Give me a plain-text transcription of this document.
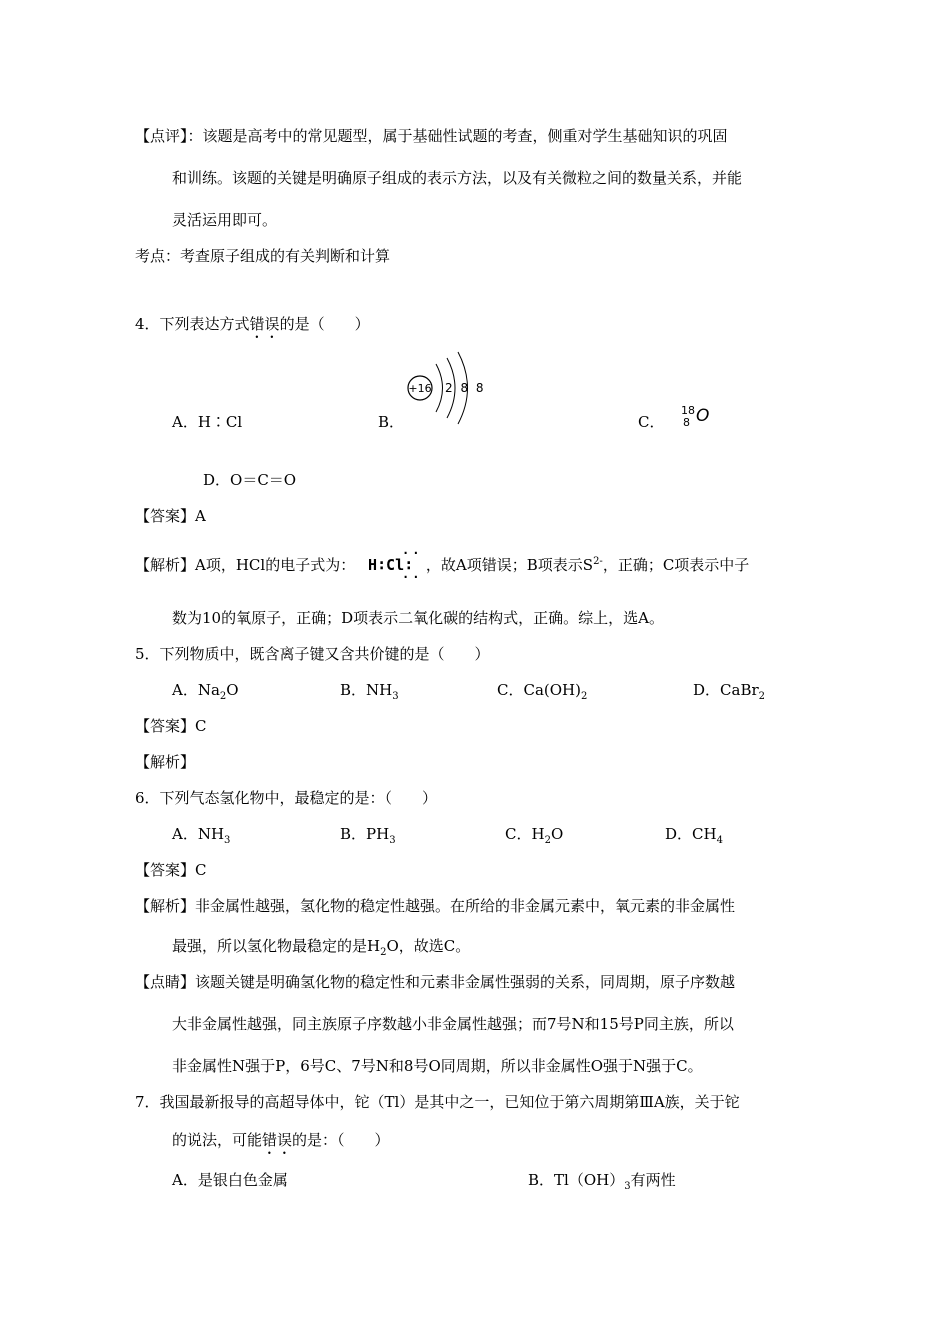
【点评】：该题是高考中的常见题型，属于基础性试题的考查，侧重对学生基础知识的巩固
和训练。该题的关键是明确原子组成的表示方法，以及有关微粒之间的数量关系，并能
灵活运用即可。
考点：考查原子组成的有关判断和计算
4．下列表达方式错误的是（　　）
A．H∶Cl	B．
+16 2 8 8
C．
18
8 O
D．O＝C＝O
【答案】A
【解析】A项，HCl的电子式为：
··
H∶Cl∶
··
，故A项错误；B项表示$S^{2-}$，正确；C项表示中子
数为10的氧原子，正确；D项表示二氧化碳的结构式，正确。综上，选A。
5．下列物质中，既含离子键又含共价键的是（　　）
A．$Na_2O$	B．$NH_3$	C．$Ca(OH)_2$	D．CaBr$_2$
【答案】C
【解析】
6．下列气态氢化物中，最稳定的是：（　　）
A．$NH_3$	B．$PH_3$	C．$H_2O$	D．$CH_4$
【答案】C
【解析】非金属性越强，氢化物的稳定性越强。在所给的非金属元素中，氧元素的非金属性
最强，所以氢化物最稳定的是$H_2O$，故选C。
【点睛】该题关键是明确氢化物的稳定性和元素非金属性强弱的关系，同周期，原子序数越
大非金属性越强，同主族原子序数越小非金属性越强；而7号N和15号P同主族，所以
非金属性N强于P，6号C、7号N和8号O同周期，所以非金属性O强于N强于C。
7．我国最新报导的高超导体中，铊（Tl）是其中之一，已知位于第六周期第ⅢA族，关于铊
的说法，可能错误的是：（　　）
A．是银白色金属	B．$Tl(OH)_3$有两性
